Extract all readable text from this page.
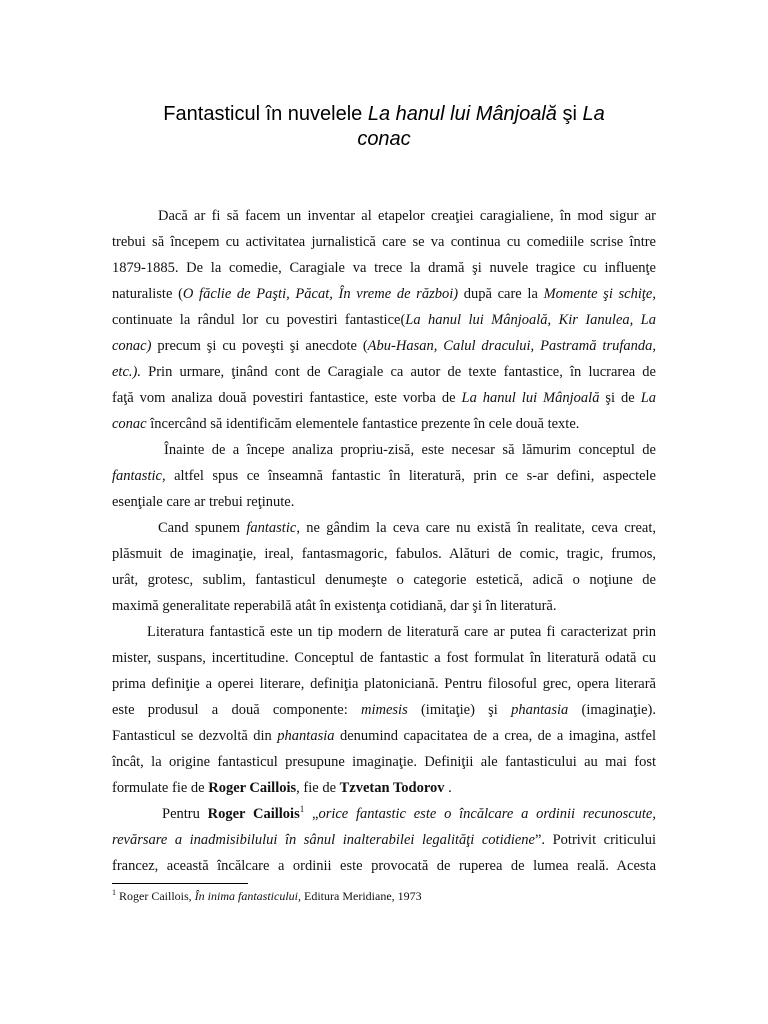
Fantasticul în nuvelele La hanul lui Mânjoală şi La
conac
Dacă ar fi să facem un inventar al etapelor creaţiei caragialiene, în mod sigur ar
trebui să începem cu activitatea jurnalistică care se va continua cu comediile scrise între
1879-1885. De la comedie, Caragiale va trece la dramă şi nuvele tragice cu influenţe
naturaliste (O făclie de Paşti, Păcat, În vreme de război) după care la Momente şi schiţe,
continuate la rândul lor cu povestiri fantastice(La hanul lui Mânjoală, Kir Ianulea, La
conac) precum şi cu poveşti şi anecdote (Abu-Hasan, Calul dracului, Pastramă trufanda,
etc.). Prin urmare, ţinând cont de Caragiale ca autor de texte fantastice, în lucrarea de
faţă vom analiza două povestiri fantastice, este vorba de La hanul lui Mânjoală şi de La
conac încercând să identificăm elementele fantastice prezente în cele două texte.
Înainte de a începe analiza propriu-zisă, este necesar să lămurim conceptul de
fantastic, altfel spus ce înseamnă fantastic în literatură, prin ce s-ar defini, aspectele
esenţiale care ar trebui reţinute.
Cand spunem fantastic, ne gândim la ceva care nu există în realitate, ceva creat,
plăsmuit de imaginaţie, ireal, fantasmagoric, fabulos. Alături de comic, tragic, frumos,
urât, grotesc, sublim, fantasticul denumeşte o categorie estetică, adică o noţiune de
maximă generalitate reperabilă atât în existenţa cotidiană, dar şi în literatură.
Literatura fantastică este un tip modern de literatură care ar putea fi caracterizat prin
mister, suspans, incertitudine. Conceptul de fantastic a fost formulat în literatură odată cu
prima definiţie a operei literare, definiţia platoniciană. Pentru filosoful grec, opera literară
este produsul a două componente: mimesis (imitaţie) şi phantasia (imaginaţie).
Fantasticul se dezvoltă din phantasia denumind capacitatea de a crea, de a imagina, astfel
încât, la origine fantasticul presupune imaginaţie. Definiţii ale fantasticului au mai fost
formulate fie de Roger Caillois, fie de Tzvetan Todorov .
Pentru Roger Caillois$^1$ „orice fantastic este o încălcare a ordinii recunoscute,
revărsare a inadmisibilului în sânul inalterabilei legalităţi cotidiene”. Potrivit criticului
francez, această încălcare a ordinii este provocată de ruperea de lumea reală. Acesta
$^1$ Roger Caillois, În inima fantasticului, Editura Meridiane, 1973
